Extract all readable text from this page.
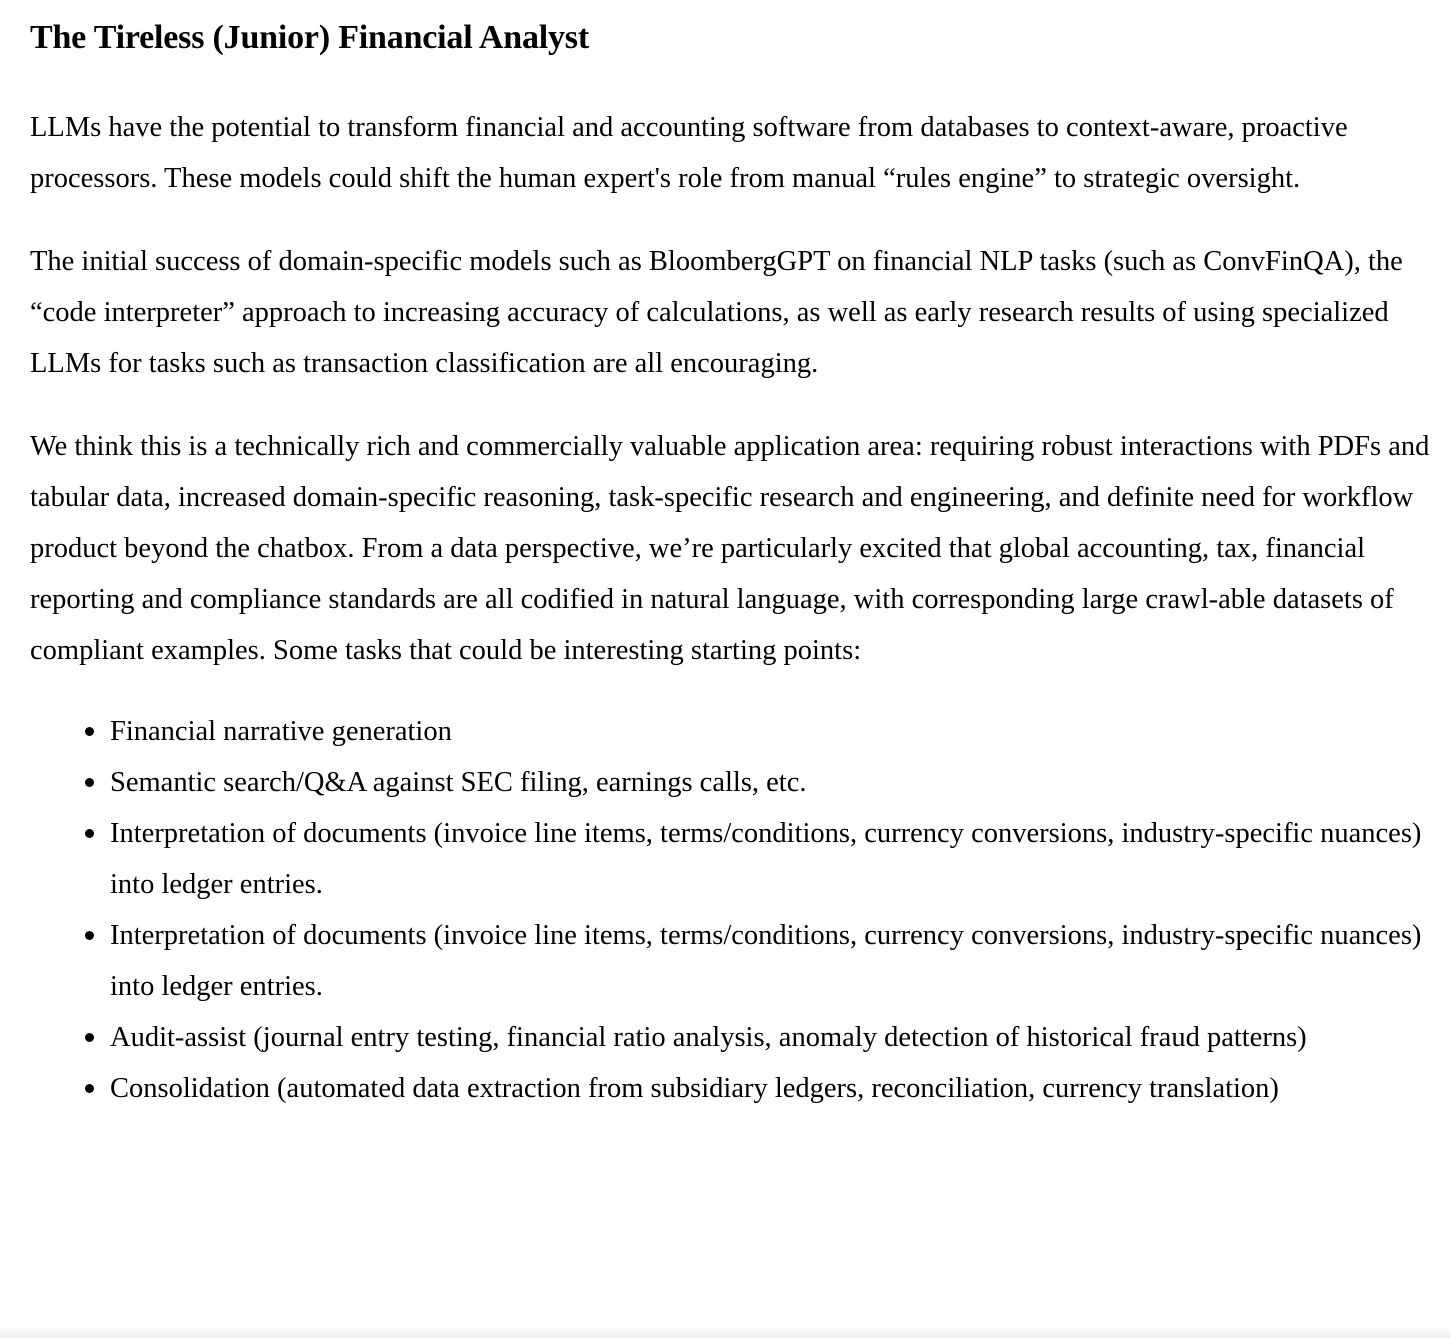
The Tireless (Junior) Financial Analyst

LLMs have the potential to transform financial and accounting software from databases to context-aware, proactive processors. These models could shift the human expert's role from manual “rules engine” to strategic oversight.

The initial success of domain-specific models such as BloombergGPT on financial NLP tasks (such as ConvFinQA), the “code interpreter” approach to increasing accuracy of calculations, as well as early research results of using specialized LLMs for tasks such as transaction classification are all encouraging.

We think this is a technically rich and commercially valuable application area: requiring robust interactions with PDFs and tabular data, increased domain-specific reasoning, task-specific research and engineering, and definite need for workflow product beyond the chatbox. From a data perspective, we’re particularly excited that global accounting, tax, financial reporting and compliance standards are all codified in natural language, with corresponding large crawl-able datasets of compliant examples. Some tasks that could be interesting starting points:

Financial narrative generation
Semantic search/Q&A against SEC filing, earnings calls, etc.
Interpretation of documents (invoice line items, terms/conditions, currency conversions, industry-specific nuances) into ledger entries.
Interpretation of documents (invoice line items, terms/conditions, currency conversions, industry-specific nuances) into ledger entries.
Audit-assist (journal entry testing, financial ratio analysis, anomaly detection of historical fraud patterns)
Consolidation (automated data extraction from subsidiary ledgers, reconciliation, currency translation)
